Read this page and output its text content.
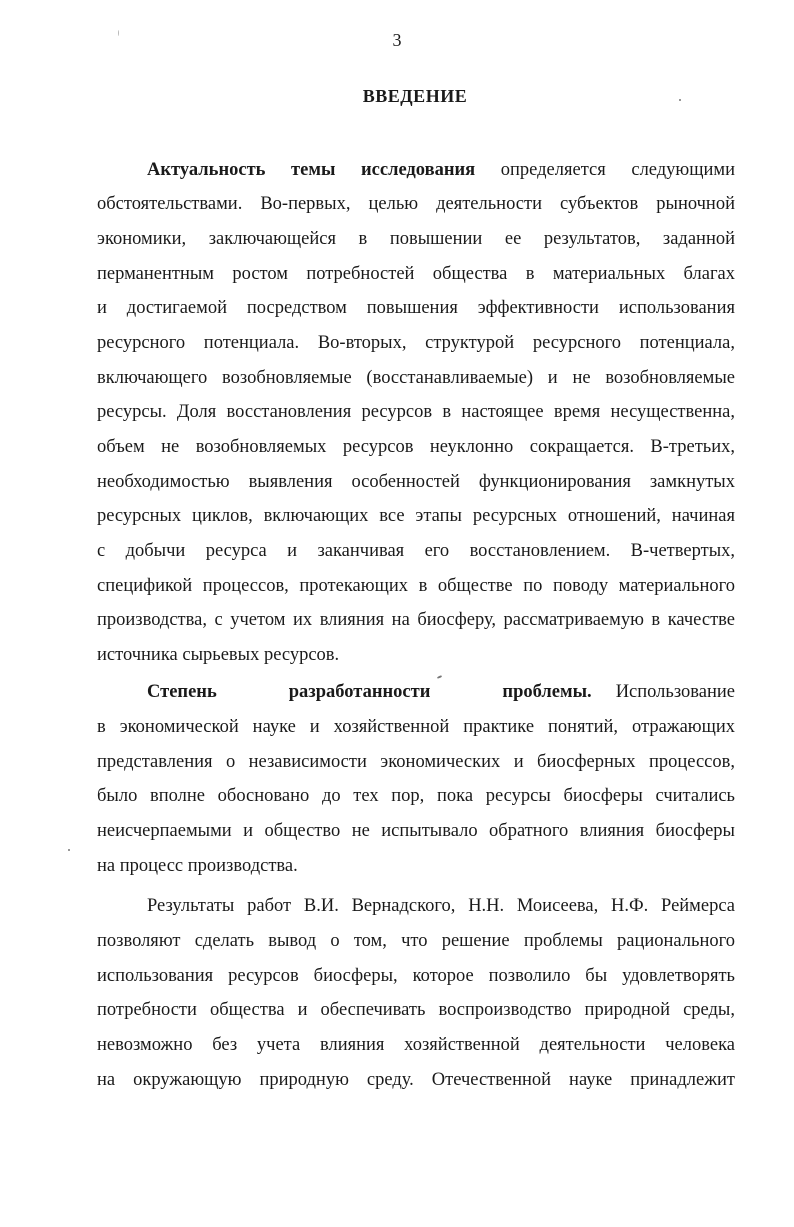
3
ВВЕДЕНИЕ
Актуальность темы исследования определяется следующими
обстоятельствами. Во-первых, целью деятельности субъектов рыночной
экономики, заключающейся в повышении ее результатов, заданной
перманентным ростом потребностей общества в материальных благах
и достигаемой посредством повышения эффективности использования
ресурсного потенциала. Во-вторых, структурой ресурсного потенциала,
включающего возобновляемые (восстанавливаемые) и не возобновляемые
ресурсы. Доля восстановления ресурсов в настоящее время несущественна,
объем не возобновляемых ресурсов неуклонно сокращается. В-третьих,
необходимостью выявления особенностей функционирования замкнутых
ресурсных циклов, включающих все этапы ресурсных отношений, начиная
с добычи ресурса и заканчивая его восстановлением. В-четвертых,
спецификой процессов, протекающих в обществе по поводу материального
производства, с учетом их влияния на биосферу, рассматриваемую в качестве
источника сырьевых ресурсов.
Степень разработанности проблемы. Использование
в экономической науке и хозяйственной практике понятий, отражающих
представления о независимости экономических и биосферных процессов,
было вполне обосновано до тех пор, пока ресурсы биосферы считались
неисчерпаемыми и общество не испытывало обратного влияния биосферы
на процесс производства.
Результаты работ В.И. Вернадского, Н.Н. Моисеева, Н.Ф. Реймерса
позволяют сделать вывод о том, что решение проблемы рационального
использования ресурсов биосферы, которое позволило бы удовлетворять
потребности общества и обеспечивать воспроизводство природной среды,
невозможно без учета влияния хозяйственной деятельности человека
на окружающую природную среду. Отечественной науке принадлежит
